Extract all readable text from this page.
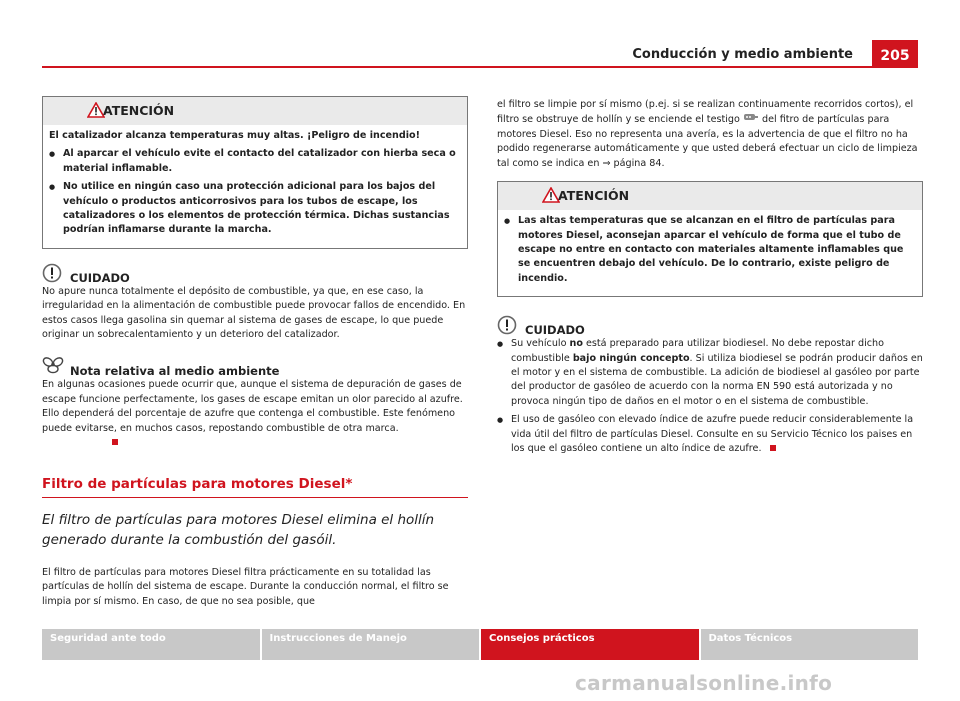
Conducción y medio ambiente	205
ATENCIÓN

El catalizador alcanza temperaturas muy altas. ¡Peligro de incendio!

● Al aparcar el vehículo evite el contacto del catalizador con hierba seca o material inflamable.

● No utilice en ningún caso una protección adicional para los bajos del vehículo o productos anticorrosivos para los tubos de escape, los catalizadores o los elementos de protección térmica. Dichas sustancias podrían inflamarse durante la marcha.

CUIDADO

No apure nunca totalmente el depósito de combustible, ya que, en ese caso, la irregularidad en la alimentación de combustible puede provocar fallos de encendido. En estos casos llega gasolina sin quemar al sistema de gases de escape, lo que puede originar un sobrecalentamiento y un deterioro del catalizador.

Nota relativa al medio ambiente

En algunas ocasiones puede ocurrir que, aunque el sistema de depuración de gases de escape funcione perfectamente, los gases de escape emitan un olor parecido al azufre. Ello dependerá del porcentaje de azufre que contenga el combustible. Este fenómeno puede evitarse, en muchos casos, repostando combustible de otra marca.

Filtro de partículas para motores Diesel*
El filtro de partículas para motores Diesel elimina el hollín generado durante la combustión del gasóil.

El filtro de partículas para motores Diesel filtra prácticamente en su totalidad las partículas de hollín del sistema de escape. Durante la conducción normal, el filtro se limpia por sí mismo. En caso, de que no sea posible, que

el filtro se limpie por sí mismo (p.ej. si se realizan continuamente recorridos cortos), el filtro se obstruye de hollín y se enciende el testigo del fitro de partículas para motores Diesel. Eso no representa una avería, es la advertencia de que el filtro no ha podido regenerarse automáticamente y que usted deberá efectuar un ciclo de limpieza tal como se indica en ⇒ página 84.

ATENCIÓN

● Las altas temperaturas que se alcanzan en el filtro de partículas para motores Diesel, aconsejan aparcar el vehículo de forma que el tubo de escape no entre en contacto con materiales altamente inflamables que se encuentren debajo del vehículo. De lo contrario, existe peligro de incendio.

CUIDADO

● Su vehículo no está preparado para utilizar biodiesel. No debe repostar dicho combustible bajo ningún concepto. Si utiliza biodiesel se podrán producir daños en el motor y en el sistema de combustible. La adición de biodiesel al gasóleo por parte del productor de gasóleo de acuerdo con la norma EN 590 está autorizada y no provoca ningún tipo de daños en el motor o en el sistema de combustible.

● El uso de gasóleo con elevado índice de azufre puede reducir considerablemente la vida útil del filtro de partículas Diesel. Consulte en su Servicio Técnico los paises en los que el gasóleo contiene un alto índice de azufre.

Seguridad ante todo	Instrucciones de Manejo	Consejos prácticos	Datos Técnicos
carmanualsonline.info
